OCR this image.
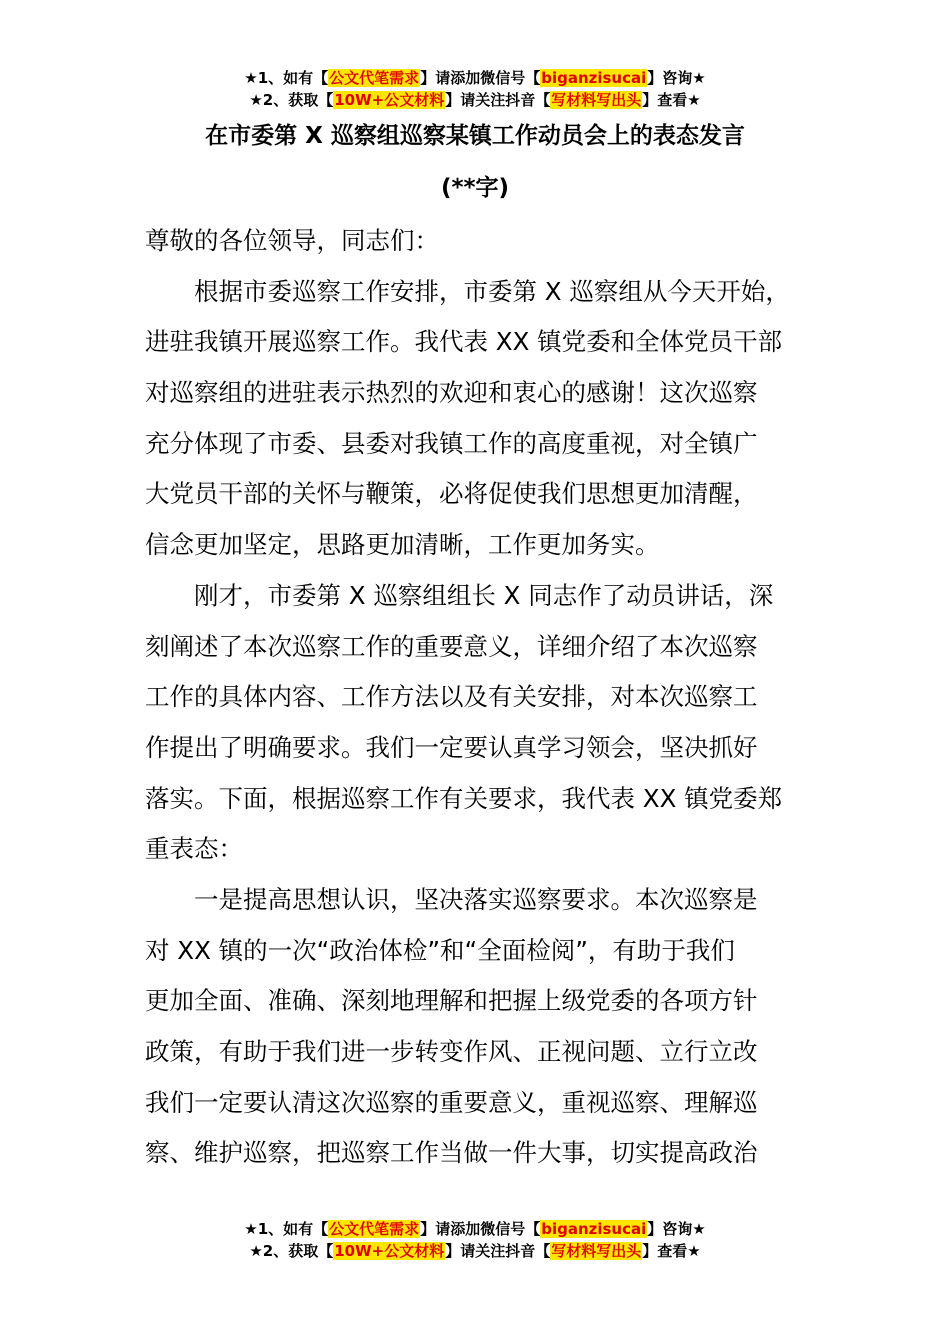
★1、如有【公文代笔需求】请添加微信号【biganzisucai】咨询★
★2、获取【10W+公文材料】请关注抖音【写材料写出头】查看★
在市委第 X 巡察组巡察某镇工作动员会上的表态发言
(**字)
尊敬的各位领导，同志们：
　　根据市委巡察工作安排，市委第 X 巡察组从今天开始，
进驻我镇开展巡察工作。我代表 XX 镇党委和全体党员干部
对巡察组的进驻表示热烈的欢迎和衷心的感谢！这次巡察
充分体现了市委、县委对我镇工作的高度重视，对全镇广
大党员干部的关怀与鞭策，必将促使我们思想更加清醒，
信念更加坚定，思路更加清晰，工作更加务实。
　　刚才，市委第 X 巡察组组长 X 同志作了动员讲话，深
刻阐述了本次巡察工作的重要意义，详细介绍了本次巡察
工作的具体内容、工作方法以及有关安排，对本次巡察工
作提出了明确要求。我们一定要认真学习领会，坚决抓好
落实。下面，根据巡察工作有关要求，我代表 XX 镇党委郑
重表态：
　　一是提高思想认识，坚决落实巡察要求。本次巡察是
对 XX 镇的一次“政治体检”和“全面检阅”，有助于我们
更加全面、准确、深刻地理解和把握上级党委的各项方针
政策，有助于我们进一步转变作风、正视问题、立行立改
我们一定要认清这次巡察的重要意义，重视巡察、理解巡
察、维护巡察，把巡察工作当做一件大事，切实提高政治
★1、如有【公文代笔需求】请添加微信号【biganzisucai】咨询★
★2、获取【10W+公文材料】请关注抖音【写材料写出头】查看★
